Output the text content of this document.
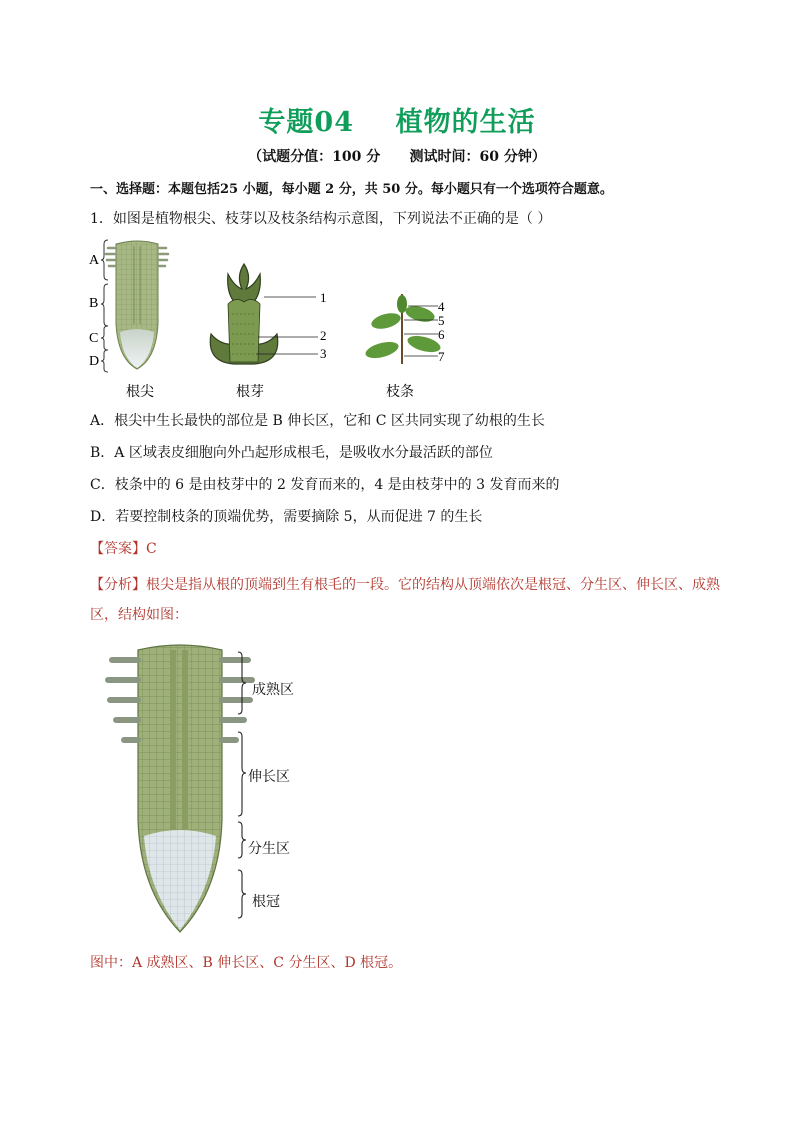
专题04    植物的生活
（试题分值：100 分      测试时间：60 分钟）
一、选择题：本题包括25 小题，每小题 2 分，共 50 分。每小题只有一个选项符合题意。
1．如图是植物根尖、枝芽以及枝条结构示意图，下列说法不正确的是（ ）
A
B
C
D
根尖
1
2
3
根芽
4
5
6
7
枝条
A．根尖中生长最快的部位是 B 伸长区，它和 C 区共同实现了幼根的生长
B．A 区域表皮细胞向外凸起形成根毛，是吸收水分最活跃的部位
C．枝条中的 6 是由枝芽中的 2 发育而来的，4 是由枝芽中的 3 发育而来的
D．若要控制枝条的顶端优势，需要摘除 5，从而促进 7 的生长
【答案】C
【分析】根尖是指从根的顶端到生有根毛的一段。它的结构从顶端依次是根冠、分生区、伸长区、成熟区，结构如图：
成熟区
伸长区
分生区
根冠
图中：A 成熟区、B 伸长区、C 分生区、D 根冠。
